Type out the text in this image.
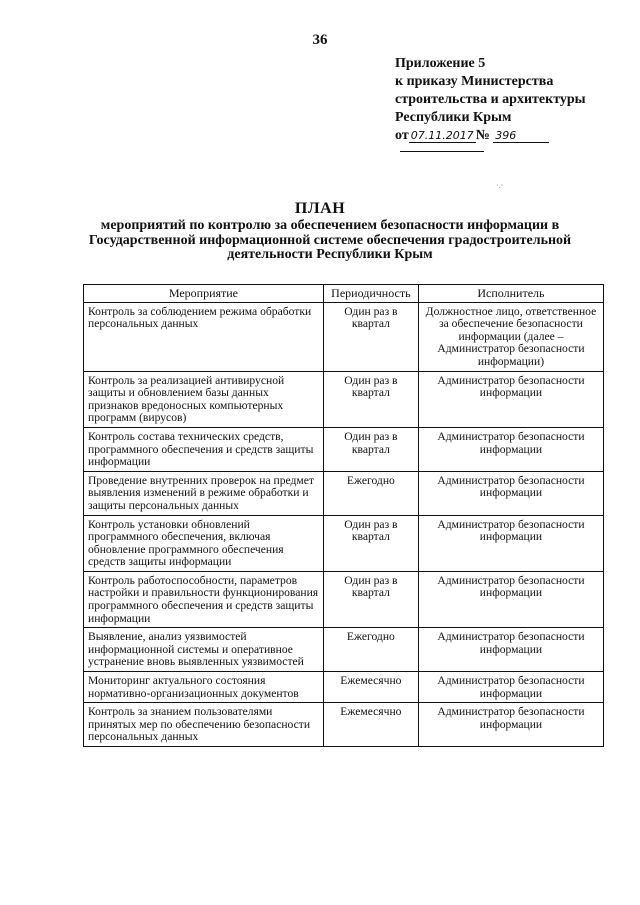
36
Приложение 5
к приказу Министерства
строительства и архитектуры
Республики Крым
от 07.11.2017 № 396
·.·
ПЛАН
мероприятий по контролю за обеспечением безопасности информации в Государственной информационной системе обеспечения градостроительной деятельности Республики Крым
Мероприятие	Периодичность	Исполнитель
Контроль за соблюдением режима обработки персональных данных	Один раз в квартал	Должностное лицо, ответственное за обеспечение безопасности информации (далее – Администратор безопасности информации)
Контроль за реализацией антивирусной защиты и обновлением базы данных признаков вредоносных компьютерных программ (вирусов)	Один раз в квартал	Администратор безопасности информации
Контроль состава технических средств, программного обеспечения и средств защиты информации	Один раз в квартал	Администратор безопасности информации
Проведение внутренних проверок на предмет выявления изменений в режиме обработки и защиты персональных данных	Ежегодно	Администратор безопасности информации
Контроль установки обновлений программного обеспечения, включая обновление программного обеспечения средств защиты информации	Один раз в квартал	Администратор безопасности информации
Контроль работоспособности, параметров настройки и правильности функционирования программного обеспечения и средств защиты информации	Один раз в квартал	Администратор безопасности информации
Выявление, анализ уязвимостей информационной системы и оперативное устранение вновь выявленных уязвимостей	Ежегодно	Администратор безопасности информации
Мониторинг актуального состояния нормативно-организационных документов	Ежемесячно	Администратор безопасности информации
Контроль за знанием пользователями принятых мер по обеспечению безопасности персональных данных	Ежемесячно	Администратор безопасности информации
